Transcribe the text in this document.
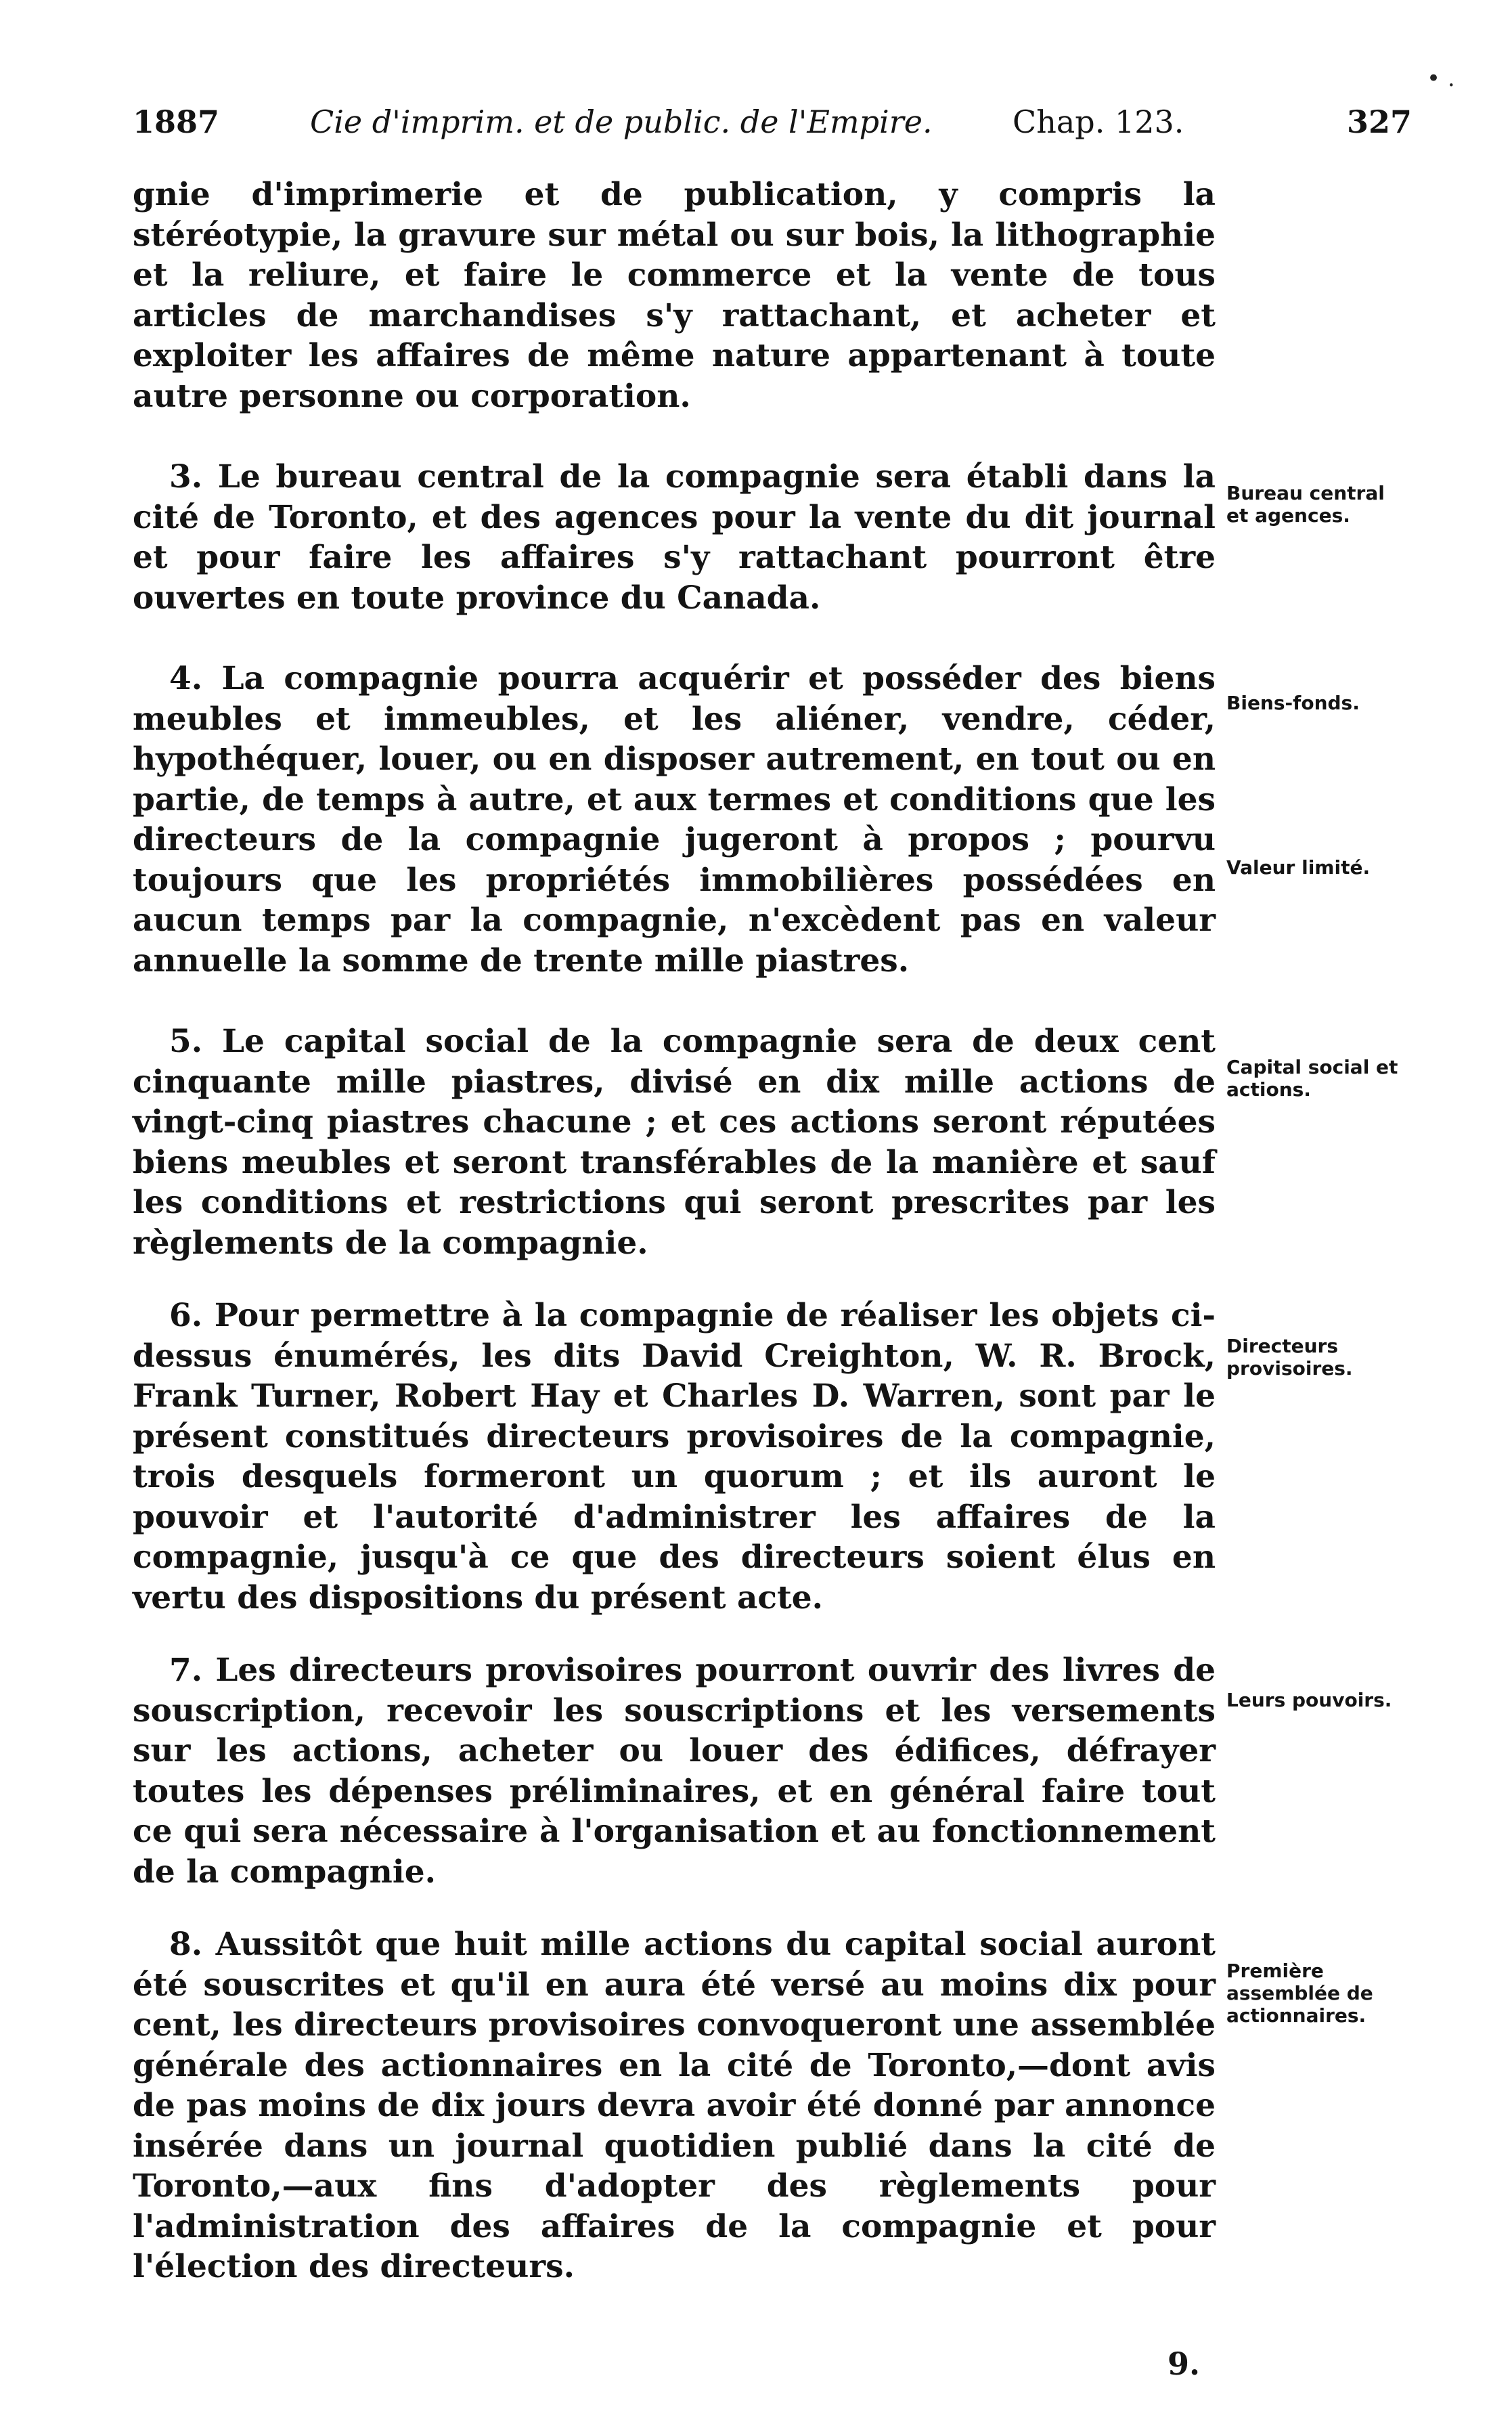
1887	Cie d'imprim. et de public. de l'Empire.	Chap. 123.	327
• .

gnie d'imprimerie et de publication, y compris la stéréotypie, la gravure sur métal ou sur bois, la lithographie et la reliure, et faire le commerce et la vente de tous articles de marchandises s'y rattachant, et acheter et exploiter les affaires de même nature appartenant à toute autre personne ou corporation.

3. Le bureau central de la compagnie sera établi dans la cité de Toronto, et des agences pour la vente du dit journal et pour faire les affaires s'y rattachant pourront être ouvertes en toute province du Canada.

4. La compagnie pourra acquérir et posséder des biens meubles et immeubles, et les aliéner, vendre, céder, hypothéquer, louer, ou en disposer autrement, en tout ou en partie, de temps à autre, et aux termes et conditions que les directeurs de la compagnie jugeront à propos ; pourvu toujours que les propriétés immobilières possédées en aucun temps par la compagnie, n'excèdent pas en valeur annuelle la somme de trente mille piastres.

5. Le capital social de la compagnie sera de deux cent cinquante mille piastres, divisé en dix mille actions de vingt-cinq piastres chacune ; et ces actions seront réputées biens meubles et seront transférables de la manière et sauf les conditions et restrictions qui seront prescrites par les règlements de la compagnie.

6. Pour permettre à la compagnie de réaliser les objets ci-dessus énumérés, les dits David Creighton, W. R. Brock, Frank Turner, Robert Hay et Charles D. Warren, sont par le présent constitués directeurs provisoires de la compagnie, trois desquels formeront un quorum ; et ils auront le pouvoir et l'autorité d'administrer les affaires de la compagnie, jusqu'à ce que des directeurs soient élus en vertu des dispositions du présent acte.

7. Les directeurs provisoires pourront ouvrir des livres de souscription, recevoir les souscriptions et les versements sur les actions, acheter ou louer des édifices, défrayer toutes les dépenses préliminaires, et en général faire tout ce qui sera nécessaire à l'organisation et au fonctionnement de la compagnie.

8. Aussitôt que huit mille actions du capital social auront été souscrites et qu'il en aura été versé au moins dix pour cent, les directeurs provisoires convoqueront une assemblée générale des actionnaires en la cité de Toronto,—dont avis de pas moins de dix jours devra avoir été donné par annonce insérée dans un journal quotidien publié dans la cité de Toronto,—aux fins d'adopter des règlements pour l'administration des affaires de la compagnie et pour l'élection des directeurs.

Bureau central et agences.
Biens-fonds.
Valeur limité.
Capital social et actions.
Directeurs provisoires.
Leurs pouvoirs.
Première assemblée de actionnaires.
9.
